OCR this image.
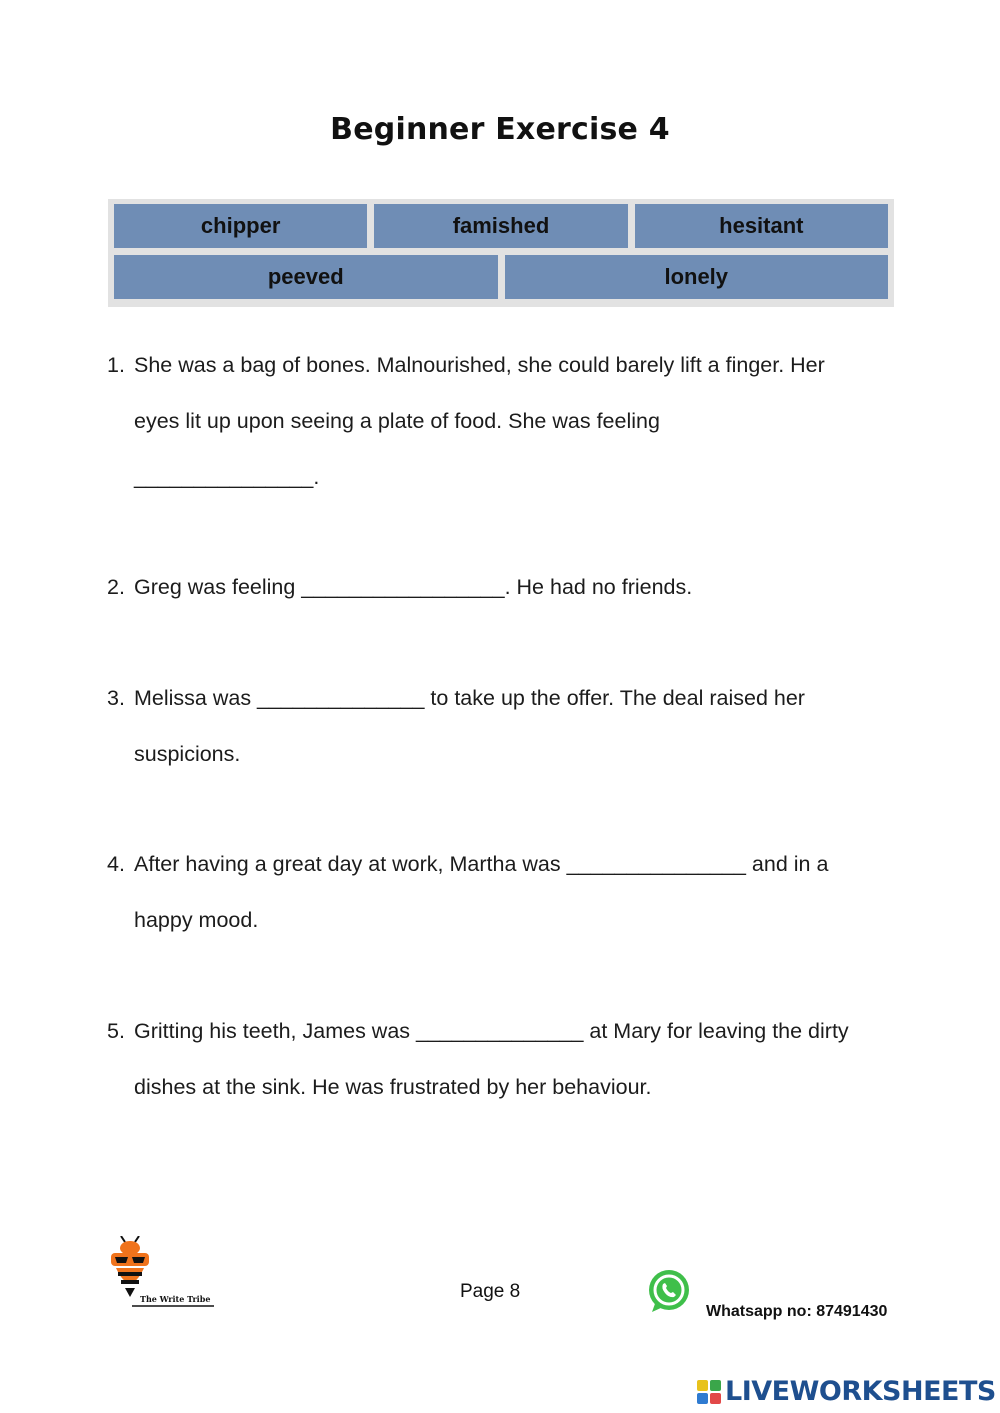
Beginner Exercise 4
chipper	famished	hesitant
peeved	lonely
1. She was a bag of bones. Malnourished, she could barely lift a finger. Her
eyes lit up upon seeing a plate of food. She was feeling
_______________.
2. Greg was feeling _________________. He had no friends.
3. Melissa was ______________ to take up the offer. The deal raised her
suspicions.
4. After having a great day at work, Martha was _______________ and in a
happy mood.
5. Gritting his teeth, James was ______________ at Mary for leaving the dirty
dishes at the sink. He was frustrated by her behaviour.
The Write Tribe	Page 8
Whatsapp no: 87491430
LIVEWORKSHEETS
